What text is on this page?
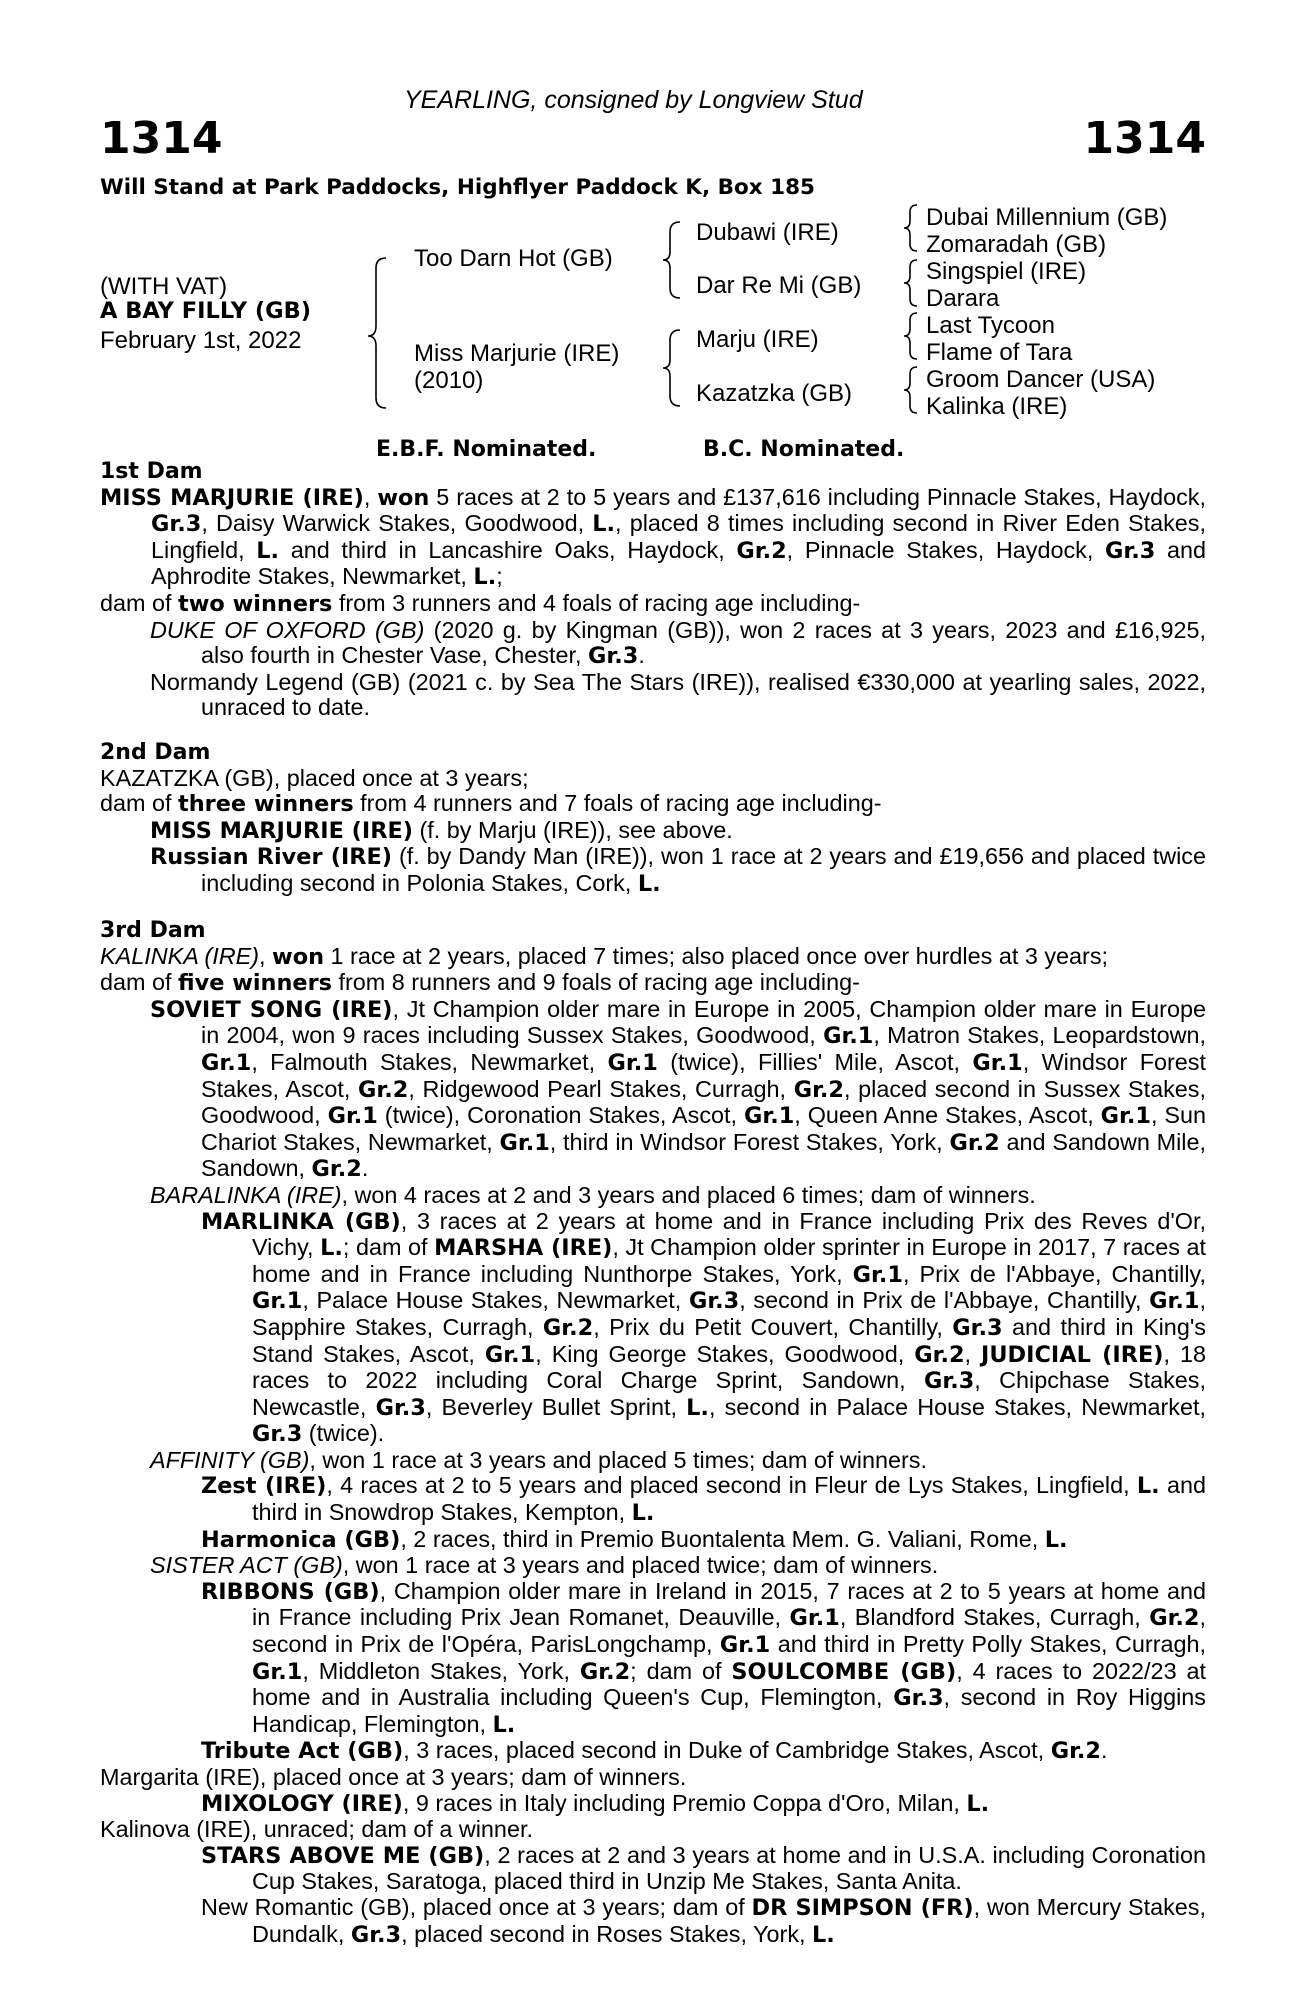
YEARLING, consigned by Longview Stud
1314	1314
Will Stand at Park Paddocks, Highflyer Paddock K, Box 185
(WITH VAT)
A BAY FILLY (GB)
February 1st, 2022
Too Darn Hot (GB)
Miss Marjurie (IRE)
(2010)
Dubawi (IRE)
Dar Re Mi (GB)
Marju (IRE)
Kazatzka (GB)
Dubai Millennium (GB)
Zomaradah (GB)
Singspiel (IRE)
Darara
Last Tycoon
Flame of Tara
Groom Dancer (USA)
Kalinka (IRE)
E.B.F. Nominated.	B.C. Nominated.
1st Dam

MISS MARJURIE (IRE), won 5 races at 2 to 5 years and £137,616 including Pinnacle Stakes, Haydock, Gr.3, Daisy Warwick Stakes, Goodwood, L., placed 8 times including second in River Eden Stakes, Lingfield, L. and third in Lancashire Oaks, Haydock, Gr.2, Pinnacle Stakes, Haydock, Gr.3 and Aphrodite Stakes, Newmarket, L.;

dam of two winners from 3 runners and 4 foals of racing age including-

DUKE OF OXFORD (GB) (2020 g. by Kingman (GB)), won 2 races at 3 years, 2023 and £16,925, also fourth in Chester Vase, Chester, Gr.3.

Normandy Legend (GB) (2021 c. by Sea The Stars (IRE)), realised €330,000 at yearling sales, 2022, unraced to date.

2nd Dam

KAZATZKA (GB), placed once at 3 years;

dam of three winners from 4 runners and 7 foals of racing age including-

MISS MARJURIE (IRE) (f. by Marju (IRE)), see above.

Russian River (IRE) (f. by Dandy Man (IRE)), won 1 race at 2 years and £19,656 and placed twice including second in Polonia Stakes, Cork, L.

3rd Dam

KALINKA (IRE), won 1 race at 2 years, placed 7 times; also placed once over hurdles at 3 years;

dam of five winners from 8 runners and 9 foals of racing age including-

SOVIET SONG (IRE), Jt Champion older mare in Europe in 2005, Champion older mare in Europe in 2004, won 9 races including Sussex Stakes, Goodwood, Gr.1, Matron Stakes, Leopardstown, Gr.1, Falmouth Stakes, Newmarket, Gr.1 (twice), Fillies' Mile, Ascot, Gr.1, Windsor Forest Stakes, Ascot, Gr.2, Ridgewood Pearl Stakes, Curragh, Gr.2, placed second in Sussex Stakes, Goodwood, Gr.1 (twice), Coronation Stakes, Ascot, Gr.1, Queen Anne Stakes, Ascot, Gr.1, Sun Chariot Stakes, Newmarket, Gr.1, third in Windsor Forest Stakes, York, Gr.2 and Sandown Mile, Sandown, Gr.2.

BARALINKA (IRE), won 4 races at 2 and 3 years and placed 6 times; dam of winners.

MARLINKA (GB), 3 races at 2 years at home and in France including Prix des Reves d'Or, Vichy, L.; dam of MARSHA (IRE), Jt Champion older sprinter in Europe in 2017, 7 races at home and in France including Nunthorpe Stakes, York, Gr.1, Prix de l'Abbaye, Chantilly, Gr.1, Palace House Stakes, Newmarket, Gr.3, second in Prix de l'Abbaye, Chantilly, Gr.1, Sapphire Stakes, Curragh, Gr.2, Prix du Petit Couvert, Chantilly, Gr.3 and third in King's Stand Stakes, Ascot, Gr.1, King George Stakes, Goodwood, Gr.2, JUDICIAL (IRE), 18 races to 2022 including Coral Charge Sprint, Sandown, Gr.3, Chipchase Stakes, Newcastle, Gr.3, Beverley Bullet Sprint, L., second in Palace House Stakes, Newmarket, Gr.3 (twice).

AFFINITY (GB), won 1 race at 3 years and placed 5 times; dam of winners.

Zest (IRE), 4 races at 2 to 5 years and placed second in Fleur de Lys Stakes, Lingfield, L. and third in Snowdrop Stakes, Kempton, L.

Harmonica (GB), 2 races, third in Premio Buontalenta Mem. G. Valiani, Rome, L.

SISTER ACT (GB), won 1 race at 3 years and placed twice; dam of winners.

RIBBONS (GB), Champion older mare in Ireland in 2015, 7 races at 2 to 5 years at home and in France including Prix Jean Romanet, Deauville, Gr.1, Blandford Stakes, Curragh, Gr.2, second in Prix de l'Opéra, ParisLongchamp, Gr.1 and third in Pretty Polly Stakes, Curragh, Gr.1, Middleton Stakes, York, Gr.2; dam of SOULCOMBE (GB), 4 races to 2022/23 at home and in Australia including Queen's Cup, Flemington, Gr.3, second in Roy Higgins Handicap, Flemington, L.

Tribute Act (GB), 3 races, placed second in Duke of Cambridge Stakes, Ascot, Gr.2.

Margarita (IRE), placed once at 3 years; dam of winners.

MIXOLOGY (IRE), 9 races in Italy including Premio Coppa d'Oro, Milan, L.

Kalinova (IRE), unraced; dam of a winner.

STARS ABOVE ME (GB), 2 races at 2 and 3 years at home and in U.S.A. including Coronation Cup Stakes, Saratoga, placed third in Unzip Me Stakes, Santa Anita.

New Romantic (GB), placed once at 3 years; dam of DR SIMPSON (FR), won Mercury Stakes, Dundalk, Gr.3, placed second in Roses Stakes, York, L.
